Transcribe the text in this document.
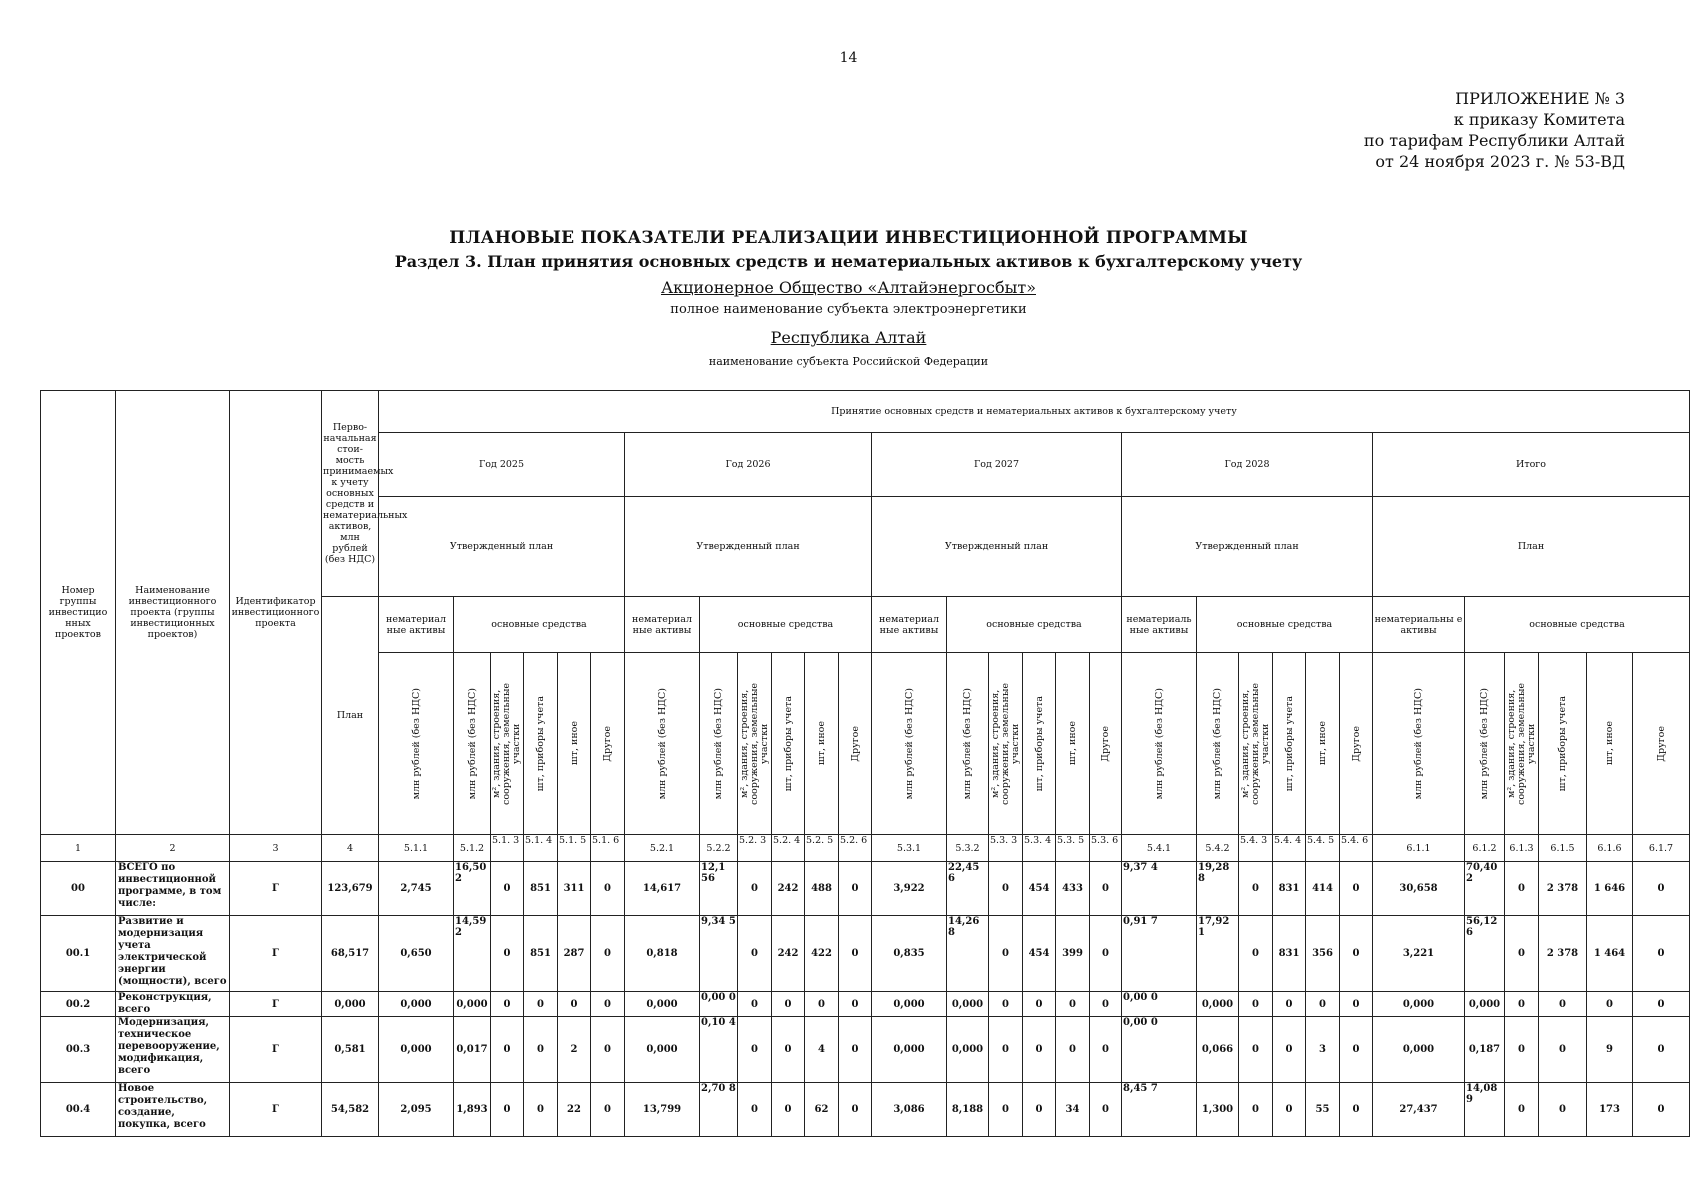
14
ПРИЛОЖЕНИЕ № 3
к приказу Комитета
по тарифам Республики Алтай
от 24 ноября 2023 г. № 53-ВД
ПЛАНОВЫЕ ПОКАЗАТЕЛИ РЕАЛИЗАЦИИ ИНВЕСТИЦИОННОЙ ПРОГРАММЫ
Раздел 3. План принятия основных средств и нематериальных активов к бухгалтерскому учету
Акционерное Общество «Алтайэнергосбыт»
полное наименование субъекта электроэнергетики
Республика Алтай
наименование субъекта Российской Федерации
Номер группы инвестицио нных проектов	Наименование инвестиционного проекта (группы инвестиционных проектов)	Идентификатор инвестиционного проекта	Перво-начальная стои-мость принимаемых к учету основных средств и нематериальных активов, млн рублей (без НДС)	Принятие основных средств и нематериальных активов к бухгалтерскому учету																													
				Год 2025						Год 2026						Год 2027						Год 2028						Итого					
				Утвержденный план						Утвержденный план						Утвержденный план						Утвержденный план						План					
			План	нематериал ные активы	основные средства					нематериал ные активы	основные средства					нематериал ные активы	основные средства					нематериаль ные активы	основные средства					нематериальны е активы	основные средства				

				млн рублей (без НДС)	млн рублей (без НДС)	м², здания, строения, сооружения, земельные участки	шт, приборы учета	шт, иное	Другое	млн рублей (без НДС)	млн рублей (без НДС)	м², здания, строения, сооружения, земельные участки	шт, приборы учета	шт, иное	Другое	млн рублей (без НДС)	млн рублей (без НДС)	м², здания, строения, сооружения, земельные участки	шт, приборы учета	шт, иное	Другое	млн рублей (без НДС)	млн рублей (без НДС)	м², здания, строения, сооружения, земельные участки	шт, приборы учета	шт, иное	Другое	млн рублей (без НДС)	млн рублей (без НДС)	м², здания, строения, сооружения, земельные участки	шт, приборы учета	шт, иное	Другое

1	2	3	4	5.1.1	5.1.2	5.1. 3	5.1. 4	5.1. 5	5.1. 6	5.2.1	5.2.2	5.2. 3	5.2. 4	5.2. 5	5.2. 6	5.3.1	5.3.2	5.3. 3	5.3. 4	5.3. 5	5.3. 6	5.4.1	5.4.2	5.4. 3	5.4. 4	5.4. 5	5.4. 6	6.1.1	6.1.2	6.1.3	6.1.5	6.1.6	6.1.7
00	ВСЕГО по инвестиционной программе, в том числе:	Г	123,679	2,745	16,50 2	0	851	311	0	14,617	12,1 56	0	242	488	0	3,922	22,45 6	0	454	433	0	9,37 4	19,28 8	0	831	414	0	30,658	70,40 2	0	2 378	1 646	0
00.1	Развитие и модернизация учета электрической энергии (мощности), всего	Г	68,517	0,650	14,59 2	0	851	287	0	0,818	9,34 5	0	242	422	0	0,835	14,26 8	0	454	399	0	0,91 7	17,92 1	0	831	356	0	3,221	56,12 6	0	2 378	1 464	0
00.2	Реконструкция, всего	Г	0,000	0,000	0,000	0	0	0	0	0,000	0,00 0	0	0	0	0	0,000	0,000	0	0	0	0	0,00 0	0,000	0	0	0	0	0,000	0,000	0	0	0	0
00.3	Модернизация, техническое перевооружение, модификация, всего	Г	0,581	0,000	0,017	0	0	2	0	0,000	0,10 4	0	0	4	0	0,000	0,000	0	0	0	0	0,00 0	0,066	0	0	3	0	0,000	0,187	0	0	9	0
00.4	Новое строительство, создание, покупка, всего	Г	54,582	2,095	1,893	0	0	22	0	13,799	2,70 8	0	0	62	0	3,086	8,188	0	0	34	0	8,45 7	1,300	0	0	55	0	27,437	14,08 9	0	0	173	0
